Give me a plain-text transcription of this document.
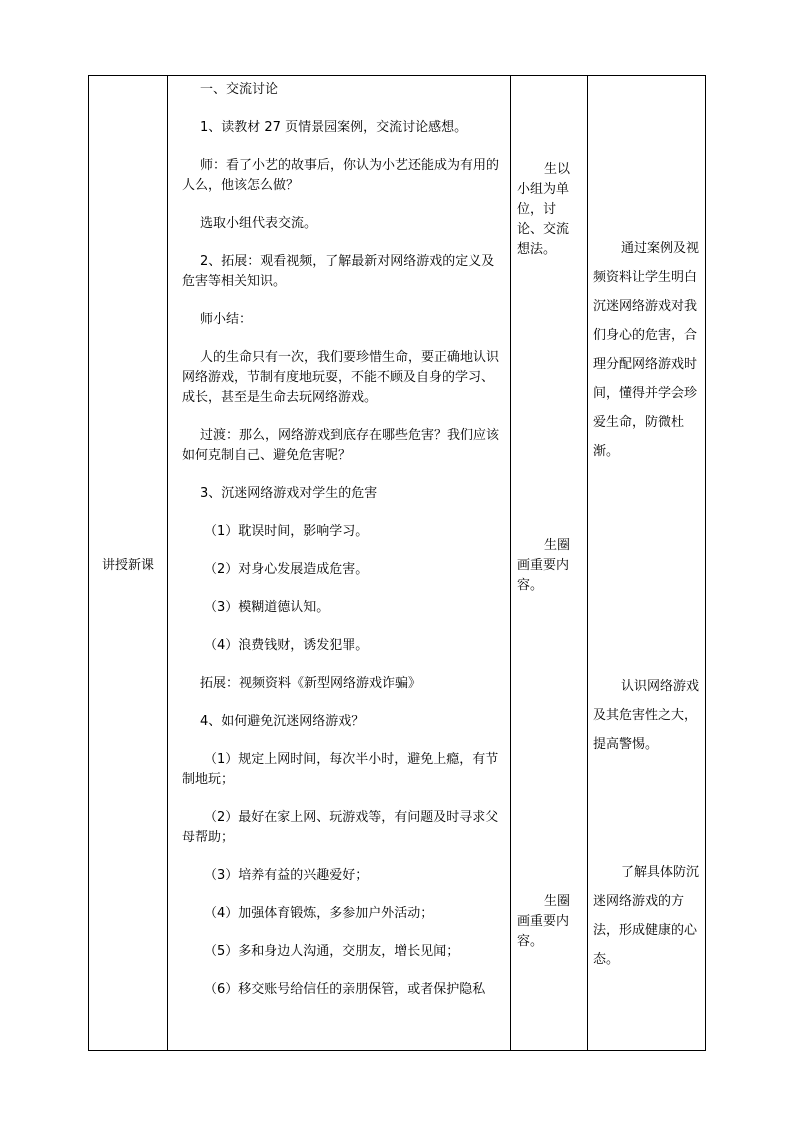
讲授新课

一、交流讨论

1、读教材 27 页情景园案例，交流讨论感想。

师：看了小艺的故事后，你认为小艺还能成为有用的人么，他该怎么做？

选取小组代表交流。

2、拓展：观看视频，了解最新对网络游戏的定义及危害等相关知识。

师小结：

人的生命只有一次，我们要珍惜生命，要正确地认识网络游戏，节制有度地玩耍，不能不顾及自身的学习、成长，甚至是生命去玩网络游戏。

过渡：那么，网络游戏到底存在哪些危害？我们应该如何克制自己、避免危害呢？

3、沉迷网络游戏对学生的危害

（1）耽误时间，影响学习。

（2）对身心发展造成危害。

（3）模糊道德认知。

（4）浪费钱财，诱发犯罪。

拓展：视频资料《新型网络游戏诈骗》

4、如何避免沉迷网络游戏？

（1）规定上网时间，每次半小时，避免上瘾，有节制地玩；

（2）最好在家上网、玩游戏等，有问题及时寻求父母帮助；

（3）培养有益的兴趣爱好；

（4）加强体育锻炼，多参加户外活动；

（5）多和身边人沟通，交朋友，增长见闻；

（6）移交账号给信任的亲朋保管，或者保护隐私

生以小组为单位，讨论、交流想法。
生圈画重要内容。
生圈画重要内容。
通过案例及视频资料让学生明白沉迷网络游戏对我们身心的危害，合理分配网络游戏时间，懂得并学会珍爱生命，防微杜渐。
认识网络游戏及其危害性之大，提高警惕。
了解具体防沉迷网络游戏的方法，形成健康的心态。
